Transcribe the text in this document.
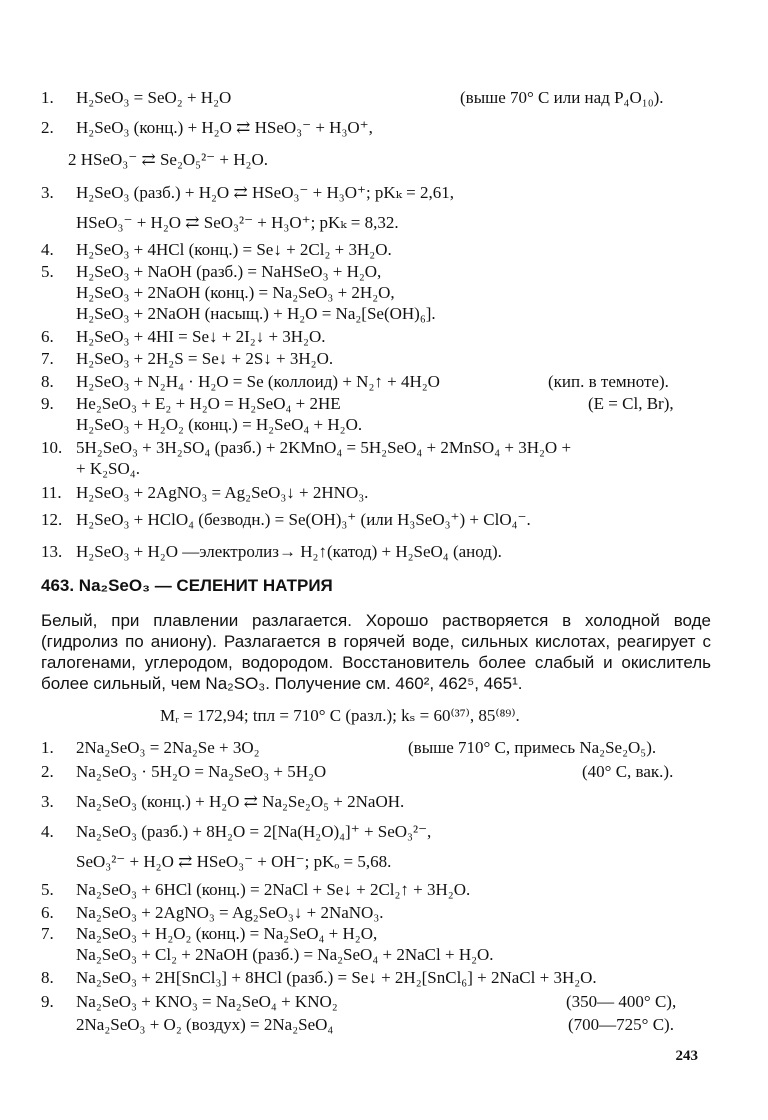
1. H₂SeO₃ = SeO₂ + H₂O	(выше 70° C или над P₄O₁₀).
2. H₂SeO₃ (конц.) + H₂O ⇄ HSeO₃⁻ + H₃O⁺,
2 HSeO₃⁻ ⇄ Se₂O₅²⁻ + H₂O.
3. H₂SeO₃ (разб.) + H₂O ⇄ HSeO₃⁻ + H₃O⁺; pKₖ = 2,61,
HSeO₃⁻ + H₂O ⇄ SeO₃²⁻ + H₃O⁺; pKₖ = 8,32.
4. H₂SeO₃ + 4HCl (конц.) = Se↓ + 2Cl₂ + 3H₂O.
5. H₂SeO₃ + NaOH (разб.) = NaHSeO₃ + H₂O,
H₂SeO₃ + 2NaOH (конц.) = Na₂SeO₃ + 2H₂O,
H₂SeO₃ + 2NaOH (насыщ.) + H₂O = Na₂[Se(OH)₆].
6. H₂SeO₃ + 4HI = Se↓ + 2I₂↓ + 3H₂O.
7. H₂SeO₃ + 2H₂S = Se↓ + 2S↓ + 3H₂O.
8. H₂SeO₃ + N₂H₄ · H₂O = Se (коллоид) + N₂↑ + 4H₂O	(кип. в темноте).
9. He₂SeO₃ + E₂ + H₂O = H₂SeO₄ + 2HE	(E = Cl, Br),
H₂SeO₃ + H₂O₂ (конц.) = H₂SeO₄ + H₂O.
10. 5H₂SeO₃ + 3H₂SO₄ (разб.) + 2KMnO₄ = 5H₂SeO₄ + 2MnSO₄ + 3H₂O +
+ K₂SO₄.
11. H₂SeO₃ + 2AgNO₃ = Ag₂SeO₃↓ + 2HNO₃.
12. H₂SeO₃ + HClO₄ (безводн.) = Se(OH)₃⁺ (или H₃SeO₃⁺) + ClO₄⁻.
13. H₂SeO₃ + H₂O —электролиз→ H₂↑(катод) + H₂SeO₄ (анод).
463. Na₂SeO₃ — СЕЛЕНИТ НАТРИЯ
Белый, при плавлении разлагается. Хорошо растворяется в холодной воде (гидролиз по аниону). Разлагается в горячей воде, сильных кислотах, реагирует с галогенами, углеродом, водородом. Восстановитель более слабый и окислитель более сильный, чем Na₂SO₃. Получение см. 460², 462⁵, 465¹.
Mᵣ = 172,94; tпл = 710° C (разл.); kₛ = 60⁽³⁷⁾, 85⁽⁸⁹⁾.
1. 2Na₂SeO₃ = 2Na₂Se + 3O₂	(выше 710° C, примесь Na₂Se₂O₅).
2. Na₂SeO₃ · 5H₂O = Na₂SeO₃ + 5H₂O	(40° C, вак.).
3. Na₂SeO₃ (конц.) + H₂O ⇄ Na₂Se₂O₅ + 2NaOH.
4. Na₂SeO₃ (разб.) + 8H₂O = 2[Na(H₂O)₄]⁺ + SeO₃²⁻,
SeO₃²⁻ + H₂O ⇄ HSeO₃⁻ + OH⁻; pKₒ = 5,68.
5. Na₂SeO₃ + 6HCl (конц.) = 2NaCl + Se↓ + 2Cl₂↑ + 3H₂O.
6. Na₂SeO₃ + 2AgNO₃ = Ag₂SeO₃↓ + 2NaNO₃.
7. Na₂SeO₃ + H₂O₂ (конц.) = Na₂SeO₄ + H₂O,
Na₂SeO₃ + Cl₂ + 2NaOH (разб.) = Na₂SeO₄ + 2NaCl + H₂O.
8. Na₂SeO₃ + 2H[SnCl₃] + 8HCl (разб.) = Se↓ + 2H₂[SnCl₆] + 2NaCl + 3H₂O.
9. Na₂SeO₃ + KNO₃ = Na₂SeO₄ + KNO₂	(350— 400° C),
2Na₂SeO₃ + O₂ (воздух) = 2Na₂SeO₄	(700—725° C).
243
